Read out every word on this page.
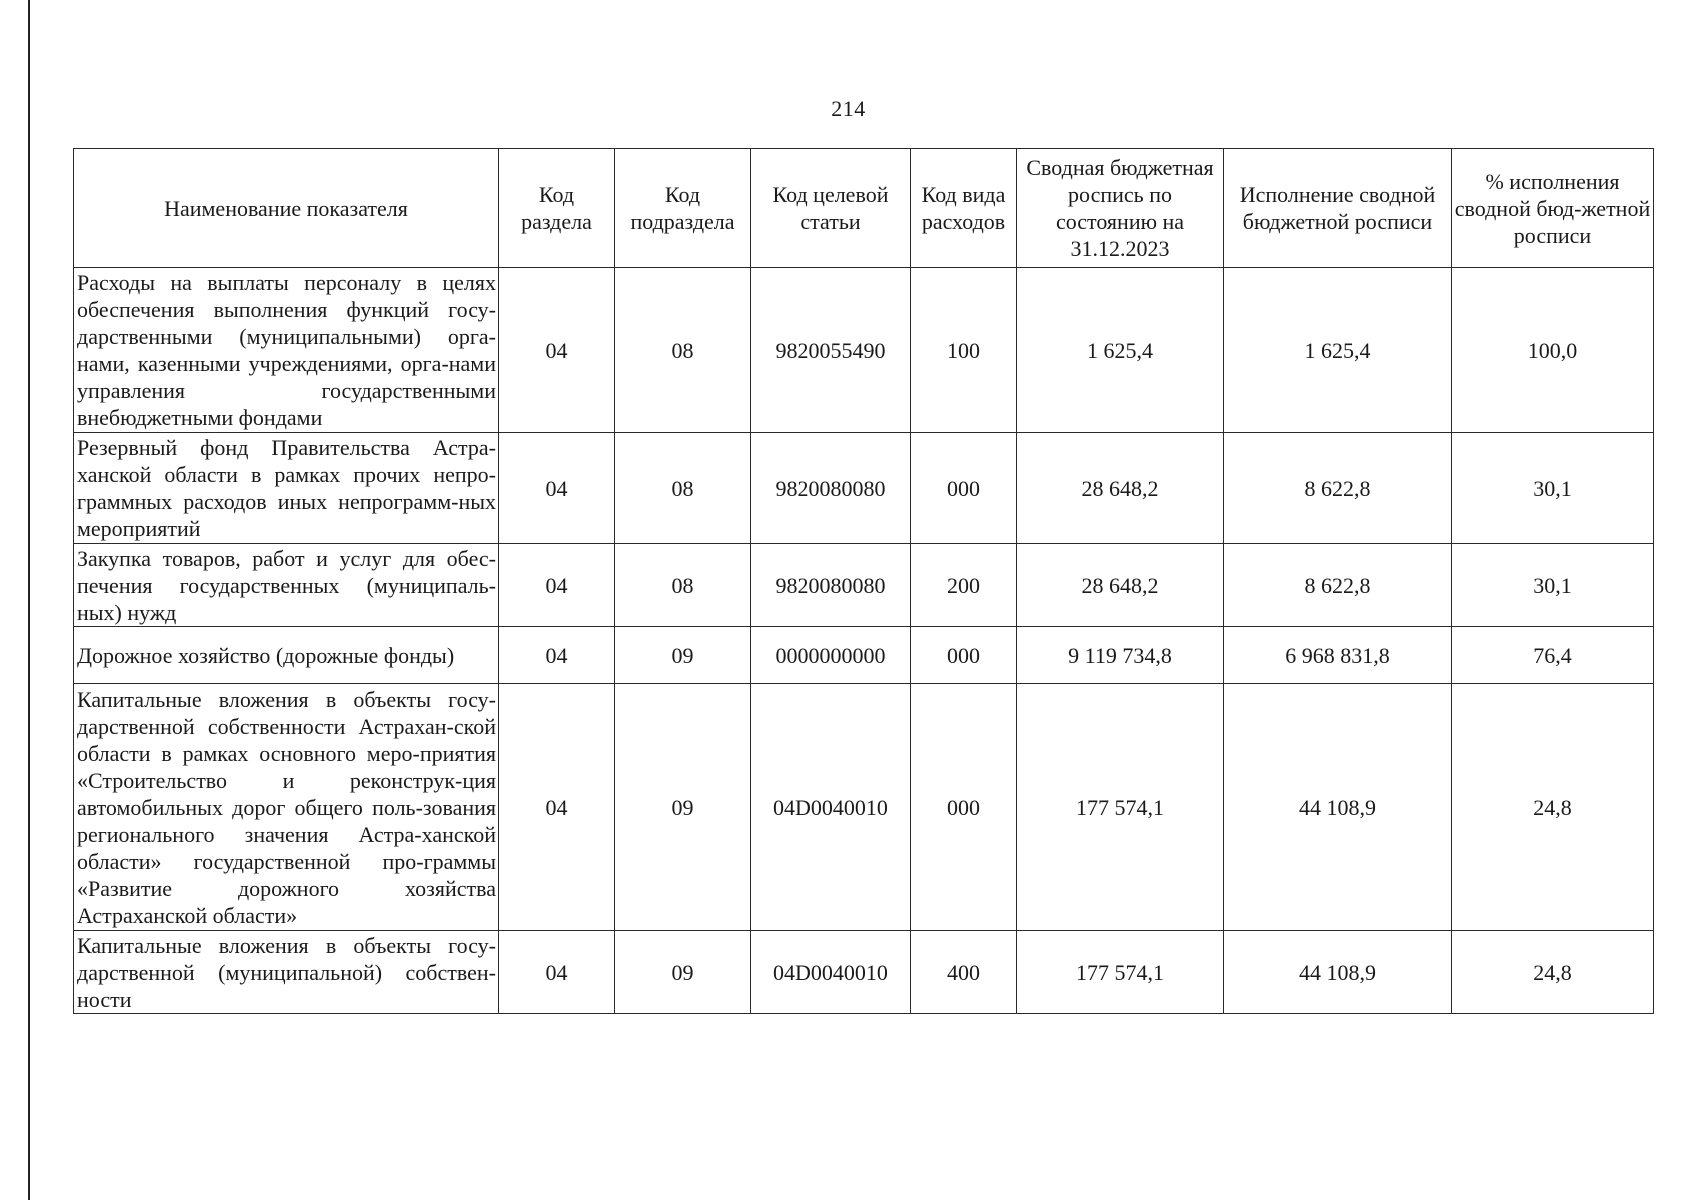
214
Наименование показателя	Код раздела	Код подраздела	Код целевой статьи	Код вида расходов	Сводная бюджетная роспись по состоянию на 31.12.2023	Исполнение сводной бюджетной росписи	% исполнения сводной бюд-жетной росписи
Расходы на выплаты персоналу в целях обеспечения выполнения функций госу-дарственными (муниципальными) орга-нами, казенными учреждениями, орга-нами управления государственными внебюджетными фондами	04	08	9820055490	100	1 625,4	1 625,4	100,0
Резервный фонд Правительства Астра-ханской области в рамках прочих непро-граммных расходов иных непрограмм-ных мероприятий	04	08	9820080080	000	28 648,2	8 622,8	30,1
Закупка товаров, работ и услуг для обес-печения государственных (муниципаль-ных) нужд	04	08	9820080080	200	28 648,2	8 622,8	30,1
Дорожное хозяйство (дорожные фонды)	04	09	0000000000	000	9 119 734,8	6 968 831,8	76,4
Капитальные вложения в объекты госу-дарственной собственности Астрахан-ской области в рамках основного меро-приятия «Строительство и реконструк-ция автомобильных дорог общего поль-зования регионального значения Астра-ханской области» государственной про-граммы «Развитие дорожного хозяйства Астраханской области»	04	09	04D0040010	000	177 574,1	44 108,9	24,8
Капитальные вложения в объекты госу-дарственной (муниципальной) собствен-ности	04	09	04D0040010	400	177 574,1	44 108,9	24,8
